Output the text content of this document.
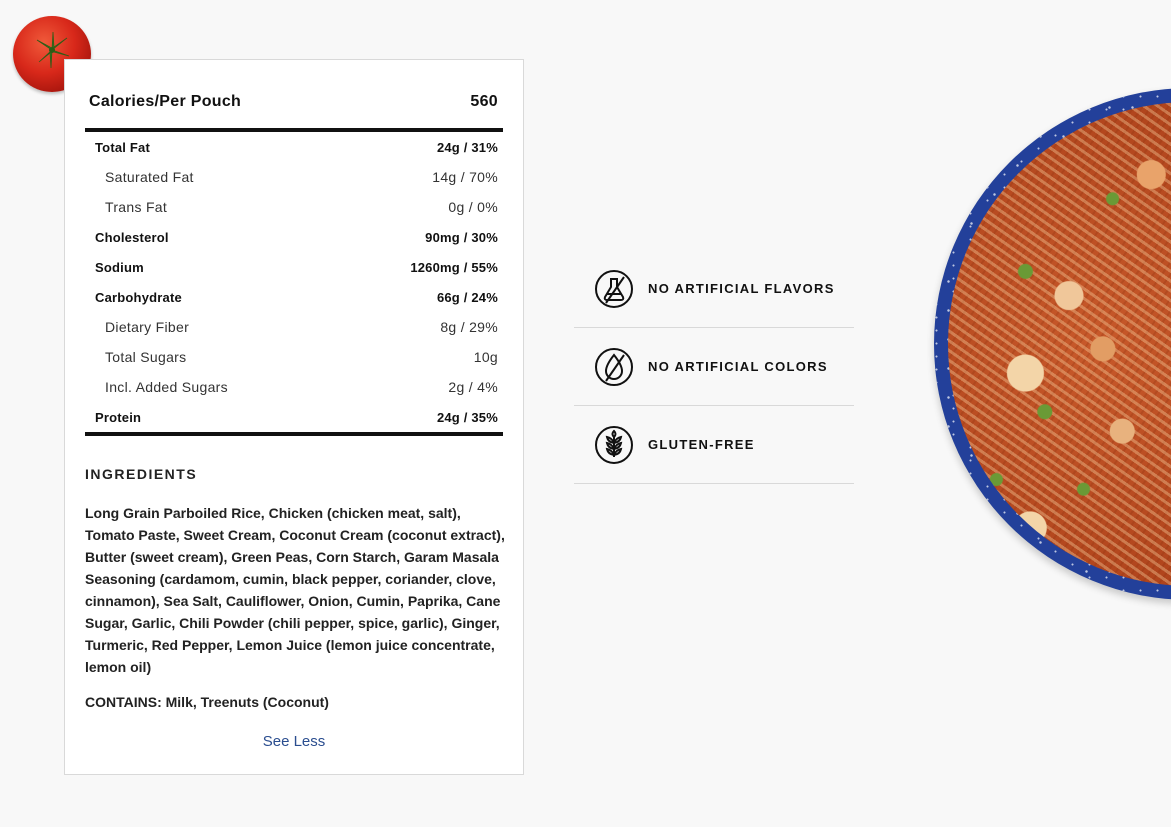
Calories/Per Pouch	560
Total Fat	24g / 31%
Saturated Fat	14g / 70%
Trans Fat	0g / 0%
Cholesterol	90mg / 30%
Sodium	1260mg / 55%
Carbohydrate	66g / 24%
Dietary Fiber	8g / 29%
Total Sugars	10g
Incl. Added Sugars	2g / 4%
Protein	24g / 35%
INGREDIENTS
Long Grain Parboiled Rice, Chicken (chicken meat, salt), Tomato Paste, Sweet Cream, Coconut Cream (coconut extract), Butter (sweet cream), Green Peas, Corn Starch, Garam Masala Seasoning (cardamom, cumin, black pepper, coriander, clove, cinnamon), Sea Salt, Cauliflower, Onion, Cumin, Paprika, Cane Sugar, Garlic, Chili Powder (chili pepper, spice, garlic), Ginger, Turmeric, Red Pepper, Lemon Juice (lemon juice concentrate, lemon oil)
CONTAINS: Milk, Treenuts (Coconut)
See Less
NO ARTIFICIAL FLAVORS
NO ARTIFICIAL COLORS
GLUTEN-FREE
